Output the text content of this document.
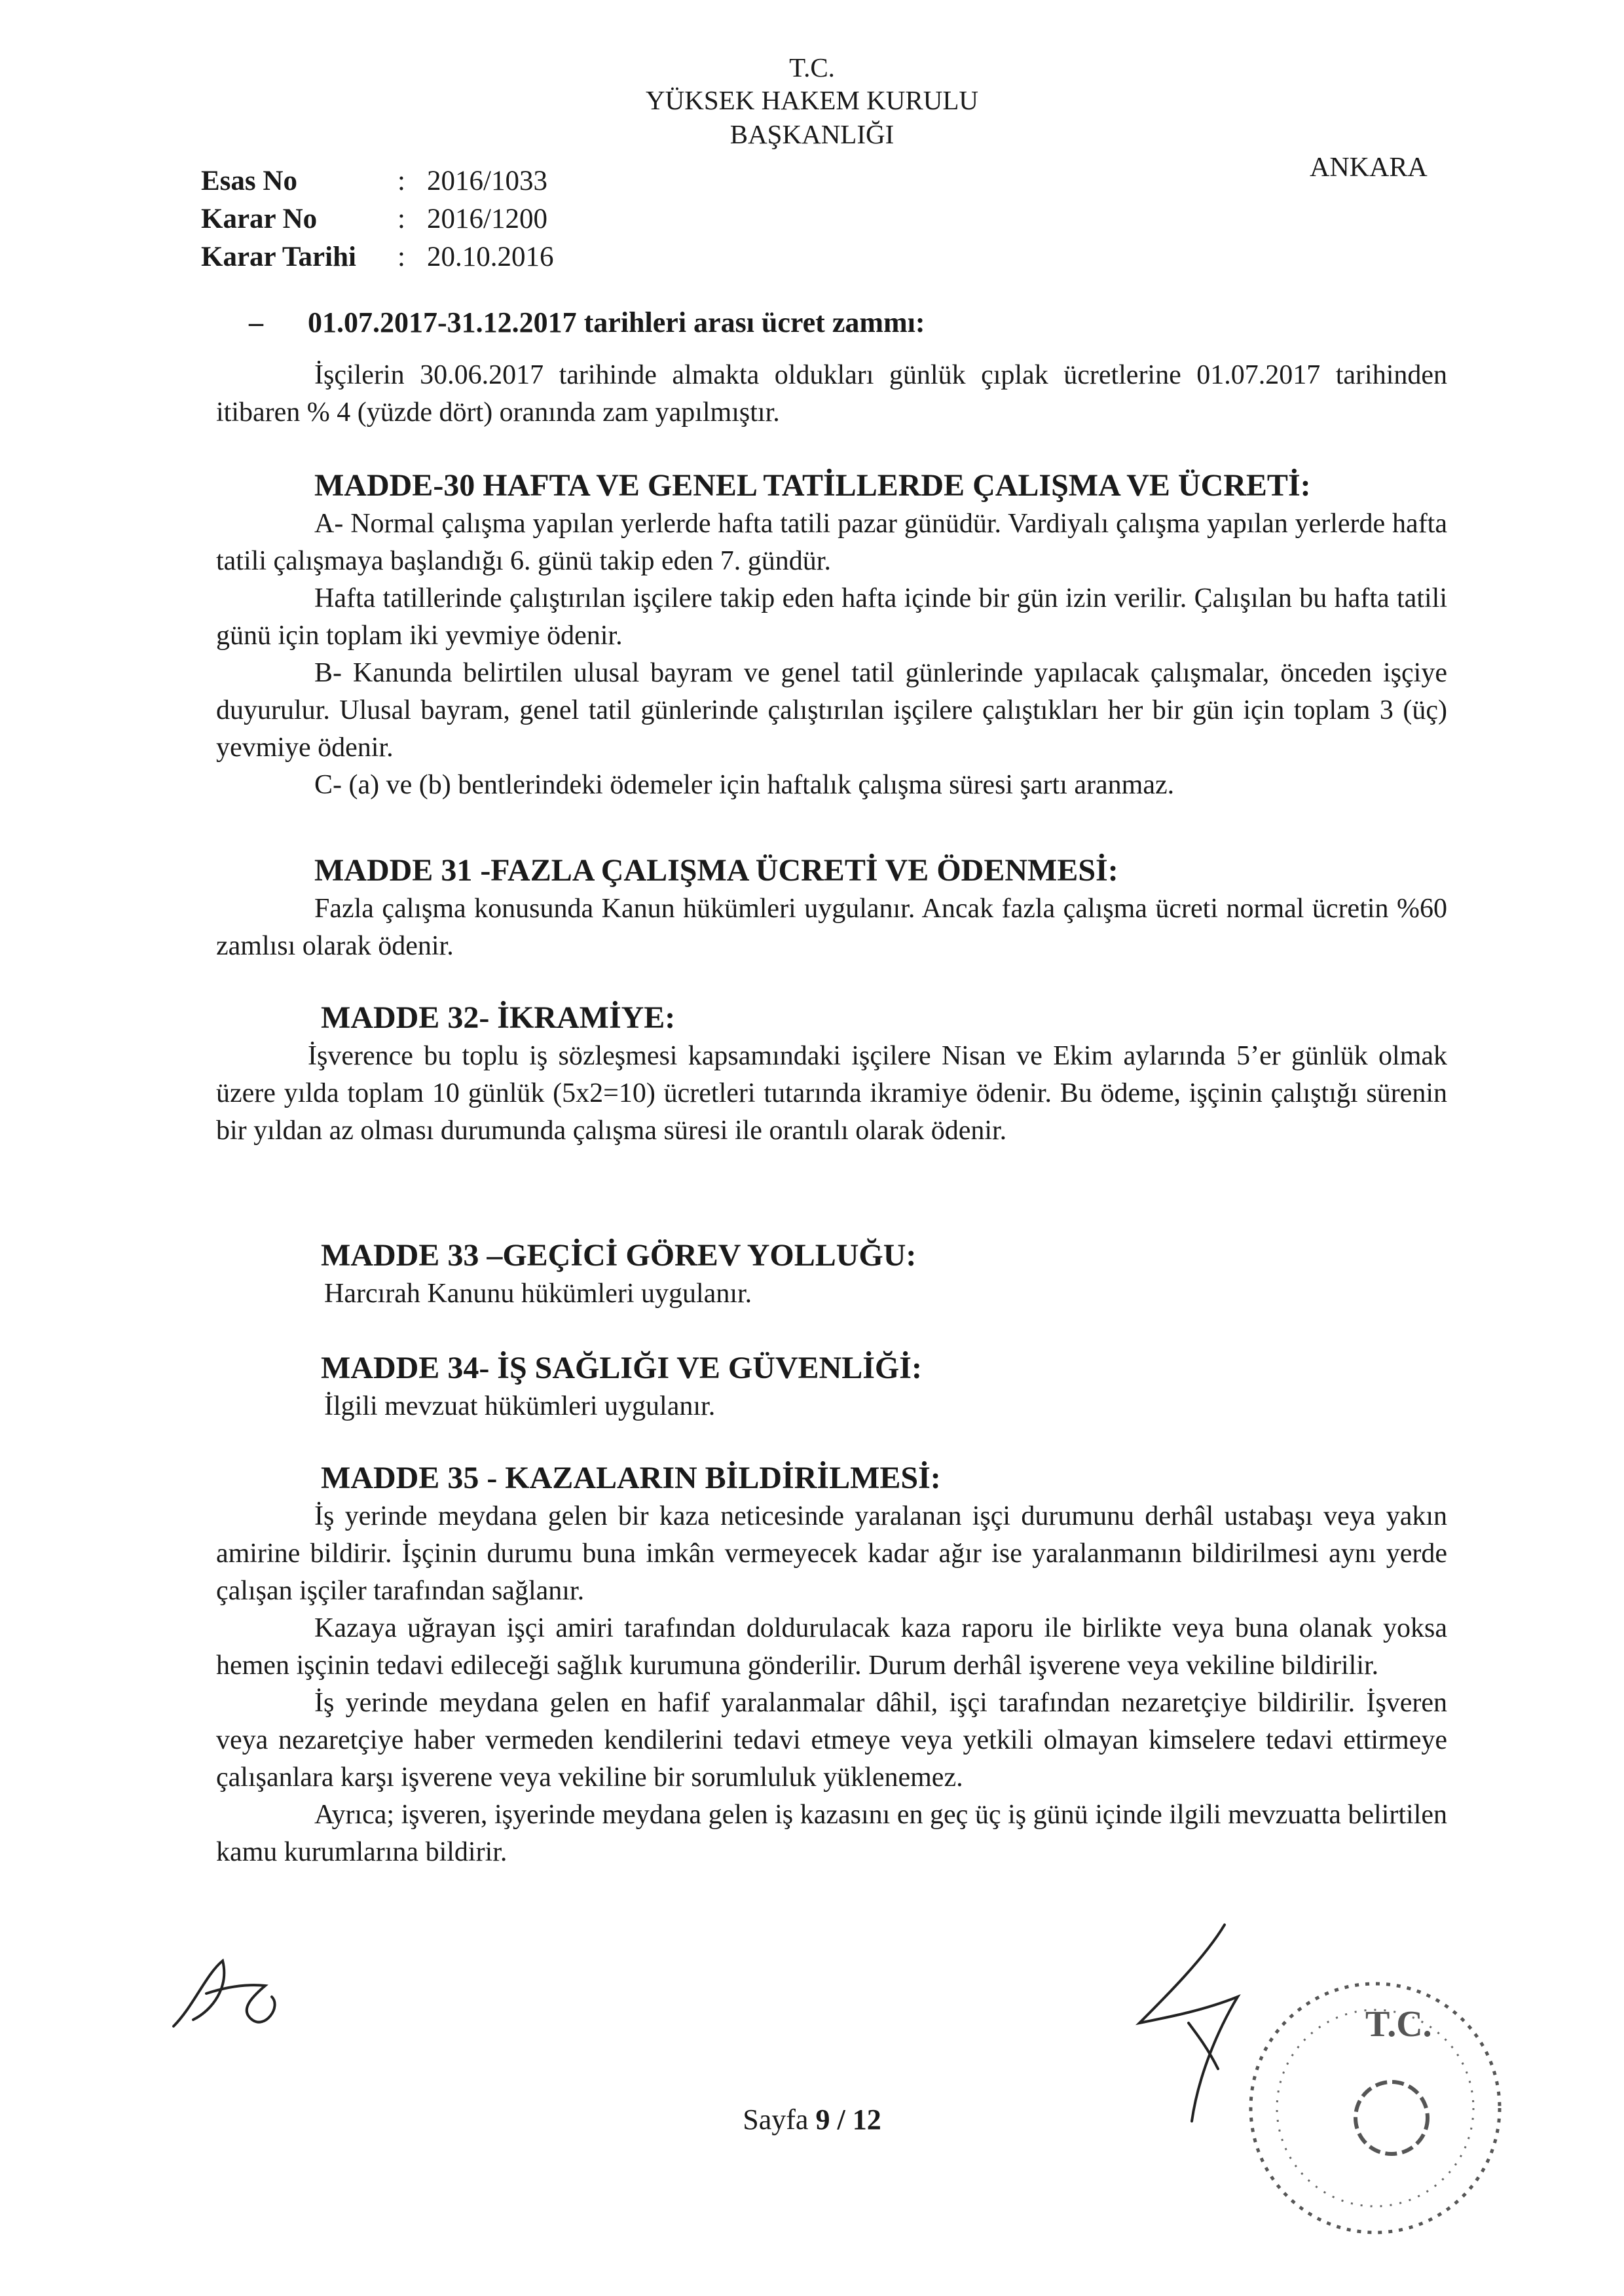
T.C.
YÜKSEK HAKEM KURULU
BAŞKANLIĞI
ANKARA
Esas No	: 2016/1033
Karar No	: 2016/1200
Karar Tarihi	: 20.10.2016
–	01.07.2017-31.12.2017 tarihleri arası ücret zammı:

İşçilerin 30.06.2017 tarihinde almakta oldukları günlük çıplak ücretlerine 01.07.2017 tarihinden itibaren % 4 (yüzde dört) oranında zam yapılmıştır.

MADDE-30 HAFTA VE GENEL TATİLLERDE ÇALIŞMA VE ÜCRETİ:

A- Normal çalışma yapılan yerlerde hafta tatili pazar günüdür. Vardiyalı çalışma yapılan yerlerde hafta tatili çalışmaya başlandığı 6. günü takip eden 7. gündür.

Hafta tatillerinde çalıştırılan işçilere takip eden hafta içinde bir gün izin verilir. Çalışılan bu hafta tatili günü için toplam iki yevmiye ödenir.

B- Kanunda belirtilen ulusal bayram ve genel tatil günlerinde yapılacak çalışmalar, önceden işçiye duyurulur. Ulusal bayram, genel tatil günlerinde çalıştırılan işçilere çalıştıkları her bir gün için toplam 3 (üç) yevmiye ödenir.

C- (a) ve (b) bentlerindeki ödemeler için haftalık çalışma süresi şartı aranmaz.

MADDE 31 -FAZLA ÇALIŞMA ÜCRETİ VE ÖDENMESİ:

Fazla çalışma konusunda Kanun hükümleri uygulanır. Ancak fazla çalışma ücreti normal ücretin %60 zamlısı olarak ödenir.

MADDE 32- İKRAMİYE:

İşverence bu toplu iş sözleşmesi kapsamındaki işçilere Nisan ve Ekim aylarında 5’er günlük olmak üzere yılda toplam 10 günlük (5x2=10) ücretleri tutarında ikramiye ödenir. Bu ödeme, işçinin çalıştığı sürenin bir yıldan az olması durumunda çalışma süresi ile orantılı olarak ödenir.

MADDE 33 –GEÇİCİ GÖREV YOLLUĞU:

Harcırah Kanunu hükümleri uygulanır.

MADDE 34- İŞ SAĞLIĞI VE GÜVENLİĞİ:

İlgili mevzuat hükümleri uygulanır.

MADDE 35 - KAZALARIN BİLDİRİLMESİ:

İş yerinde meydana gelen bir kaza neticesinde yaralanan işçi durumunu derhâl ustabaşı veya yakın amirine bildirir. İşçinin durumu buna imkân vermeyecek kadar ağır ise yaralanmanın bildirilmesi aynı yerde çalışan işçiler tarafından sağlanır.

Kazaya uğrayan işçi amiri tarafından doldurulacak kaza raporu ile birlikte veya buna olanak yoksa hemen işçinin tedavi edileceği sağlık kurumuna gönderilir. Durum derhâl işverene veya vekiline bildirilir.

İş yerinde meydana gelen en hafif yaralanmalar dâhil, işçi tarafından nezaretçiye bildirilir. İşveren veya nezaretçiye haber vermeden kendilerini tedavi etmeye veya yetkili olmayan kimselere tedavi ettirmeye çalışanlara karşı işverene veya vekiline bir sorumluluk yüklenemez.

Ayrıca; işveren, işyerinde meydana gelen iş kazasını en geç üç iş günü içinde ilgili mevzuatta belirtilen kamu kurumlarına bildirir.

T.C.
Sayfa 9 / 12
